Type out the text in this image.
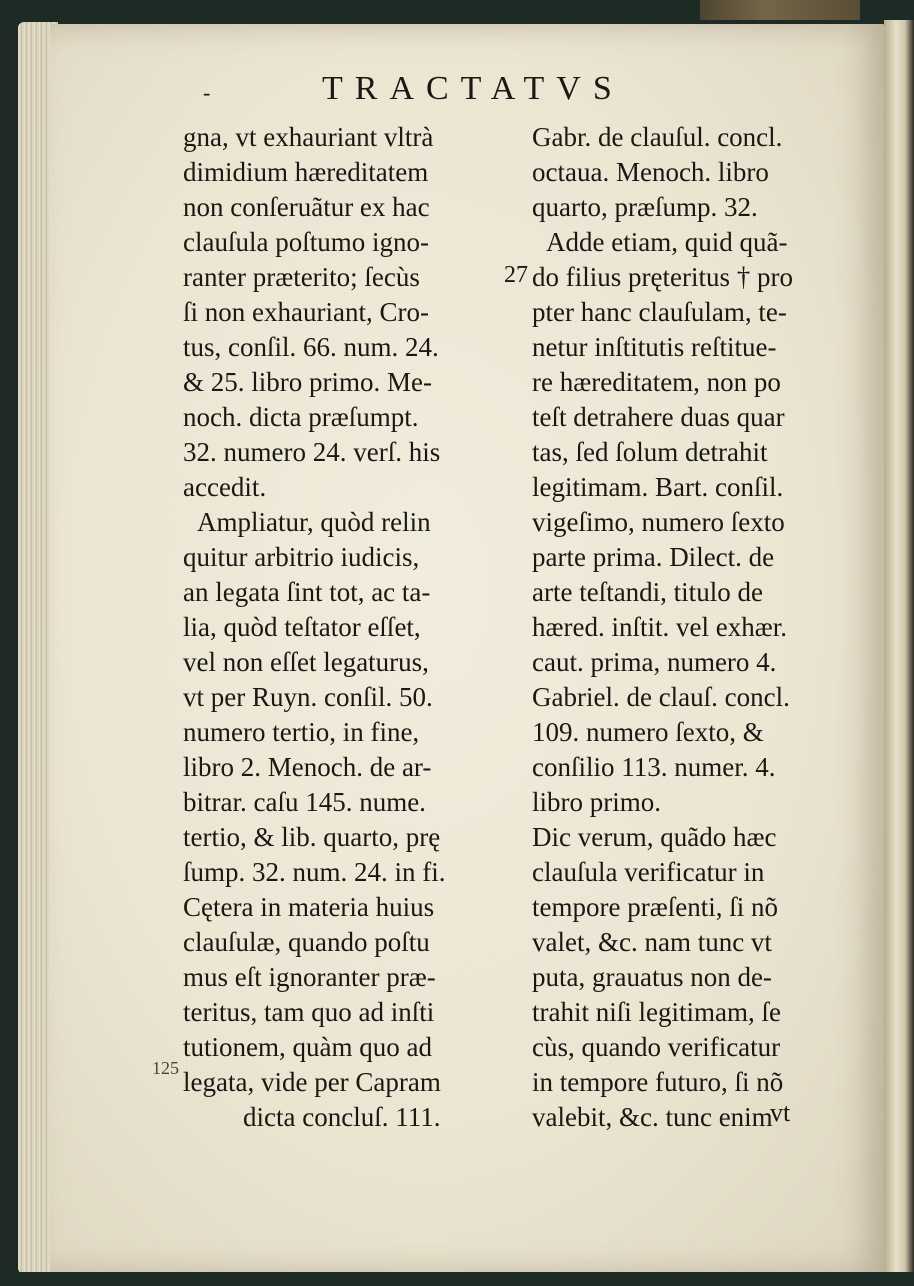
-	TRACTATVS
gna, vt exhauriant vltrà
dimidium hæreditatem
non conſeruãtur ex hac
clauſula poſtumo igno-
ranter præterito; ſecùs
ſi non exhauriant, Cro-
tus, conſil. 66. num. 24.
& 25. libro primo. Me-
noch. dicta præſumpt.
32. numero 24. verſ. his
accedit.
Ampliatur, quòd relin
quitur arbitrio iudicis,
an legata ſint tot, ac ta-
lia, quòd teſtator eſſet,
vel non eſſet legaturus,
vt per Ruyn. conſil. 50.
numero tertio, in fine,
libro 2. Menoch. de ar-
bitrar. caſu 145. nume.
tertio, & lib. quarto, prę
ſump. 32. num. 24. in fi.
Cętera in materia huius
clauſulæ, quando poſtu
mus eſt ignoranter præ-
teritus, tam quo ad inſti
tutionem, quàm quo ad
legata, vide per Capram
dicta concluſ. 111.
Gabr. de clauſul. concl.
octaua. Menoch. libro
quarto, præſump. 32.
Adde etiam, quid quã-
do filius pręteritus † pro
pter hanc clauſulam, te-
netur inſtitutis reſtitue-
re hæreditatem, non po
teſt detrahere duas quar
tas, ſed ſolum detrahit
legitimam. Bart. conſil.
vigeſimo, numero ſexto
parte prima. Dilect. de
arte teſtandi, titulo de
hæred. inſtit. vel exhær.
caut. prima, numero 4.
Gabriel. de clauſ. concl.
109. numero ſexto, &
conſilio 113. numer. 4.
libro primo.
Dic verum, quãdo hæc
clauſula verificatur in
tempore præſenti, ſi nõ
valet, &c. nam tunc vt
puta, grauatus non de-
trahit niſi legitimam, ſe
cùs, quando verificatur
in tempore futuro, ſi nõ
valebit, &c. tunc enim
27
125
vt
